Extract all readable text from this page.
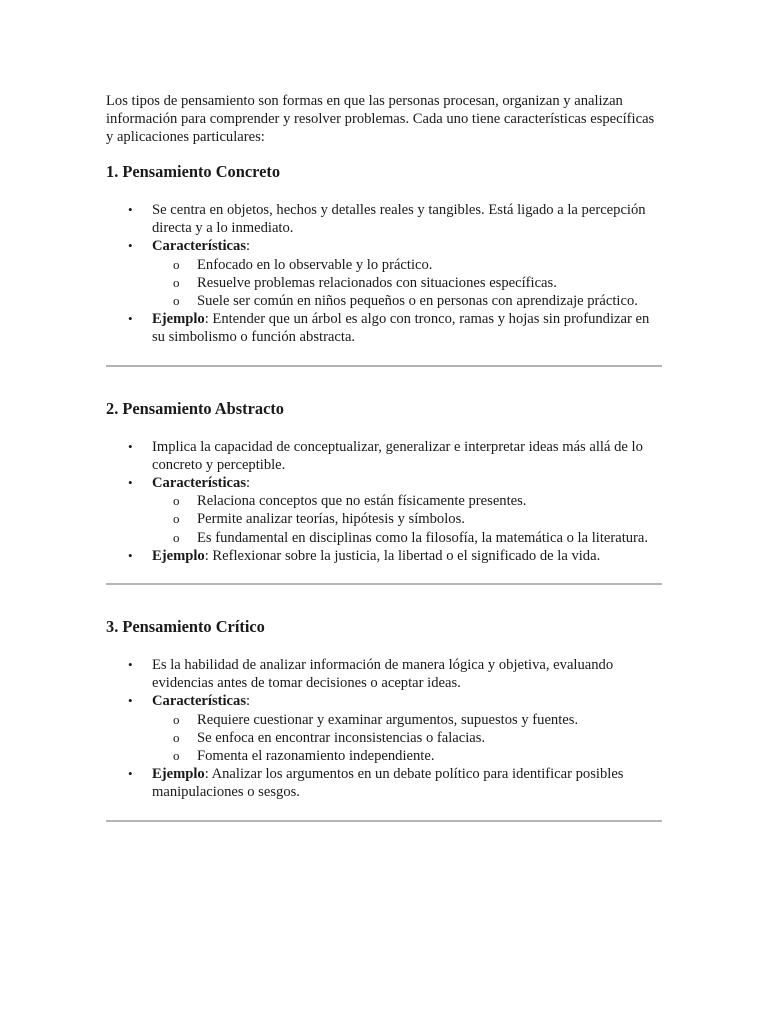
Los tipos de pensamiento son formas en que las personas procesan, organizan y analizan información para comprender y resolver problemas. Cada uno tiene características específicas y aplicaciones particulares:

1. Pensamiento Concreto
• Se centra en objetos, hechos y detalles reales y tangibles. Está ligado a la percepción directa y a lo inmediato.
• Características:
o Enfocado en lo observable y lo práctico.
o Resuelve problemas relacionados con situaciones específicas.
o Suele ser común en niños pequeños o en personas con aprendizaje práctico.
• Ejemplo: Entender que un árbol es algo con tronco, ramas y hojas sin profundizar en su simbolismo o función abstracta.
2. Pensamiento Abstracto
• Implica la capacidad de conceptualizar, generalizar e interpretar ideas más allá de lo concreto y perceptible.
• Características:
o Relaciona conceptos que no están físicamente presentes.
o Permite analizar teorías, hipótesis y símbolos.
o Es fundamental en disciplinas como la filosofía, la matemática o la literatura.
• Ejemplo: Reflexionar sobre la justicia, la libertad o el significado de la vida.
3. Pensamiento Crítico
• Es la habilidad de analizar información de manera lógica y objetiva, evaluando evidencias antes de tomar decisiones o aceptar ideas.
• Características:
o Requiere cuestionar y examinar argumentos, supuestos y fuentes.
o Se enfoca en encontrar inconsistencias o falacias.
o Fomenta el razonamiento independiente.
• Ejemplo: Analizar los argumentos en un debate político para identificar posibles manipulaciones o sesgos.
